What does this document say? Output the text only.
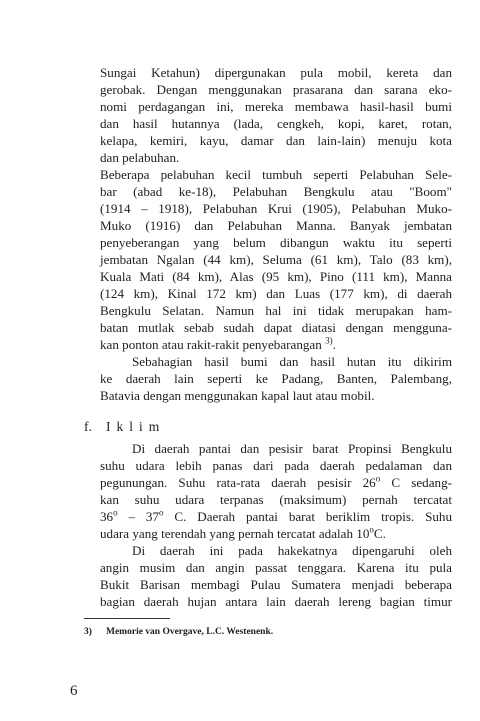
Sungai Ketahun) dipergunakan pula mobil, kereta dan

gerobak. Dengan menggunakan prasarana dan sarana eko-

nomi perdagangan ini, mereka membawa hasil-hasil bumi

dan hasil hutannya (lada, cengkeh, kopi, karet, rotan,

kelapa, kemiri, kayu, damar dan lain-lain) menuju kota

dan pelabuhan.

Beberapa pelabuhan kecil tumbuh seperti Pelabuhan Sele-

bar (abad ke-18), Pelabuhan Bengkulu atau "Boom"

(1914 – 1918), Pelabuhan Krui (1905), Pelabuhan Muko-

Muko (1916) dan Pelabuhan Manna. Banyak jembatan

penyeberangan yang belum dibangun waktu itu seperti

jembatan Ngalan (44 km), Seluma (61 km), Talo (83 km),

Kuala Mati (84 km), Alas (95 km), Pino (111 km), Manna

(124 km), Kinal 172 km) dan Luas (177 km), di daerah

Bengkulu Selatan. Namun hal ini tidak merupakan ham-

batan mutlak sebab sudah dapat diatasi dengan mengguna-

kan ponton atau rakit-rakit penyebarangan $^{3)}$.

Sebahagian hasil bumi dan hasil hutan itu dikirim

ke daerah lain seperti ke Padang, Banten, Palembang,

Batavia dengan menggunakan kapal laut atau mobil.

f. Iklim

Di daerah pantai dan pesisir barat Propinsi Bengkulu

suhu udara lebih panas dari pada daerah pedalaman dan

pegunungan. Suhu rata-rata daerah pesisir 26$^o$ C sedang-

kan suhu udara terpanas (maksimum) pernah tercatat

36$^o$ – 37$^o$ C. Daerah pantai barat beriklim tropis. Suhu

udara yang terendah yang pernah tercatat adalah 10$^o$C.

Di daerah ini pada hakekatnya dipengaruhi oleh

angin musim dan angin passat tenggara. Karena itu pula

Bukit Barisan membagi Pulau Sumatera menjadi beberapa

bagian daerah hujan antara lain daerah lereng bagian timur

3) Memorie van Overgave, L.C. Westenenk.
6
